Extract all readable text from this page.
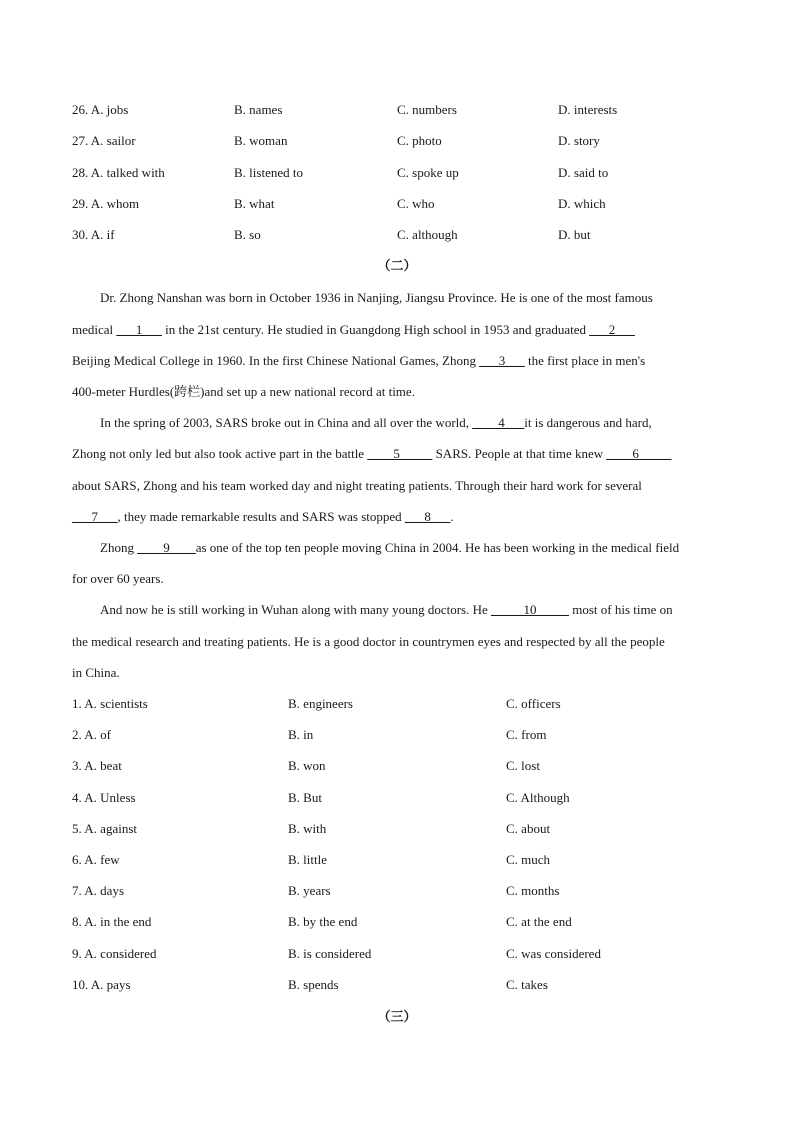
26. A. jobs	B. names	C. numbers	D. interests
27. A. sailor	B. woman	C. photo	D. story
28. A. talked with	B. listened to	C. spoke up	D. said to
29. A. whom	B. what	C. who	D. which
30. A. if	B. so	C. although	D. but
（二）
Dr. Zhong Nanshan was born in October 1936 in Nanjing, Jiangsu Province. He is one of the most famous
medical ___1___ in the 21st century. He studied in Guangdong High school in 1953 and graduated ___2___
Beijing Medical College in 1960. In the first Chinese National Games, Zhong ___3___ the first place in men's
400-meter Hurdles(跨栏)and set up a new national record at time.
In the spring of 2003, SARS broke out in China and all over the world, ____4___it is dangerous and hard,
Zhong not only led but also took active part in the battle ____5_____ SARS. People at that time knew ____6_____
about SARS, Zhong and his team worked day and night treating patients. Through their hard work for several
___7___, they made remarkable results and SARS was stopped ___8___.
Zhong ____9____as one of the top ten people moving China in 2004. He has been working in the medical field
for over 60 years.
And now he is still working in Wuhan along with many young doctors. He _____10_____ most of his time on
the medical research and treating patients. He is a good doctor in countrymen eyes and respected by all the people
in China.
1. A. scientists	B. engineers	C. officers
2. A. of	B. in	C. from
3. A. beat	B. won	C. lost
4. A. Unless	B. But	C. Although
5. A. against	B. with	C. about
6. A. few	B. little	C. much
7. A. days	B. years	C. months
8. A. in the end	B. by the end	C. at the end
9. A. considered	B. is considered	C. was considered
10. A. pays	B. spends	C. takes
（三）
